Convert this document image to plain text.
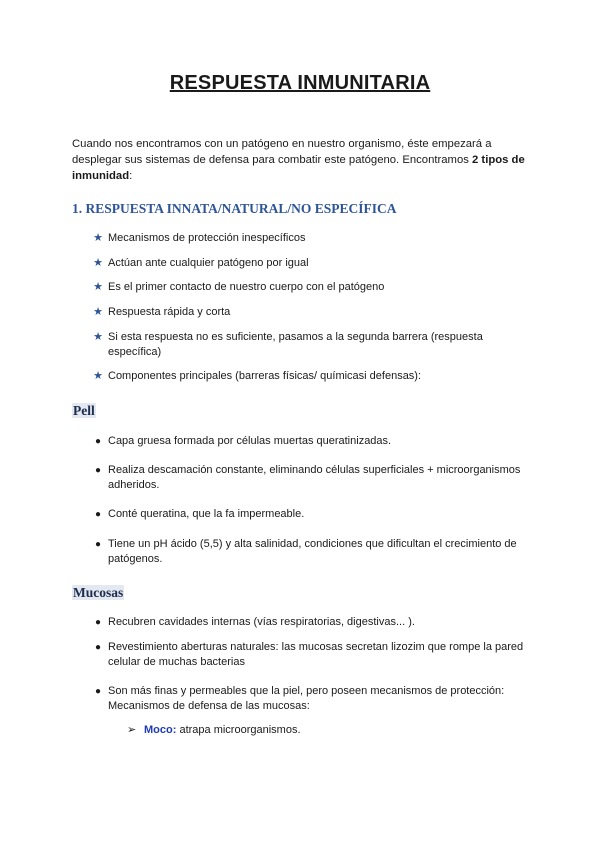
RESPUESTA INMUNITARIA

Cuando nos encontramos con un patógeno en nuestro organismo, éste empezará a desplegar sus sistemas de defensa para combatir este patógeno. Encontramos 2 tipos de inmunidad:

1. RESPUESTA INNATA/NATURAL/NO ESPECÍFICA
★ Mecanismos de protección inespecíficos
★ Actúan ante cualquier patógeno por igual
★ Es el primer contacto de nuestro cuerpo con el patógeno
★ Respuesta rápida y corta
★ Si esta respuesta no es suficiente, pasamos a la segunda barrera (respuesta específica)
★ Componentes principales (barreras físicas/ químicasi defensas):
Pell
● Capa gruesa formada por células muertas queratinizadas.
● Realiza descamación constante, eliminando células superficiales + microorganismos adheridos.
● Conté queratina, que la fa impermeable.
● Tiene un pH ácido (5,5) y alta salinidad, condiciones que dificultan el crecimiento de patógenos.
Mucosas
● Recubren cavidades internas (vías respiratorias, digestivas... ).
● Revestimiento aberturas naturales: las mucosas secretan lizozim que rompe la pared celular de muchas bacterias
● Son más finas y permeables que la piel, pero poseen mecanismos de protección: Mecanismos de defensa de las mucosas:
➢ Moco: atrapa microorganismos.
